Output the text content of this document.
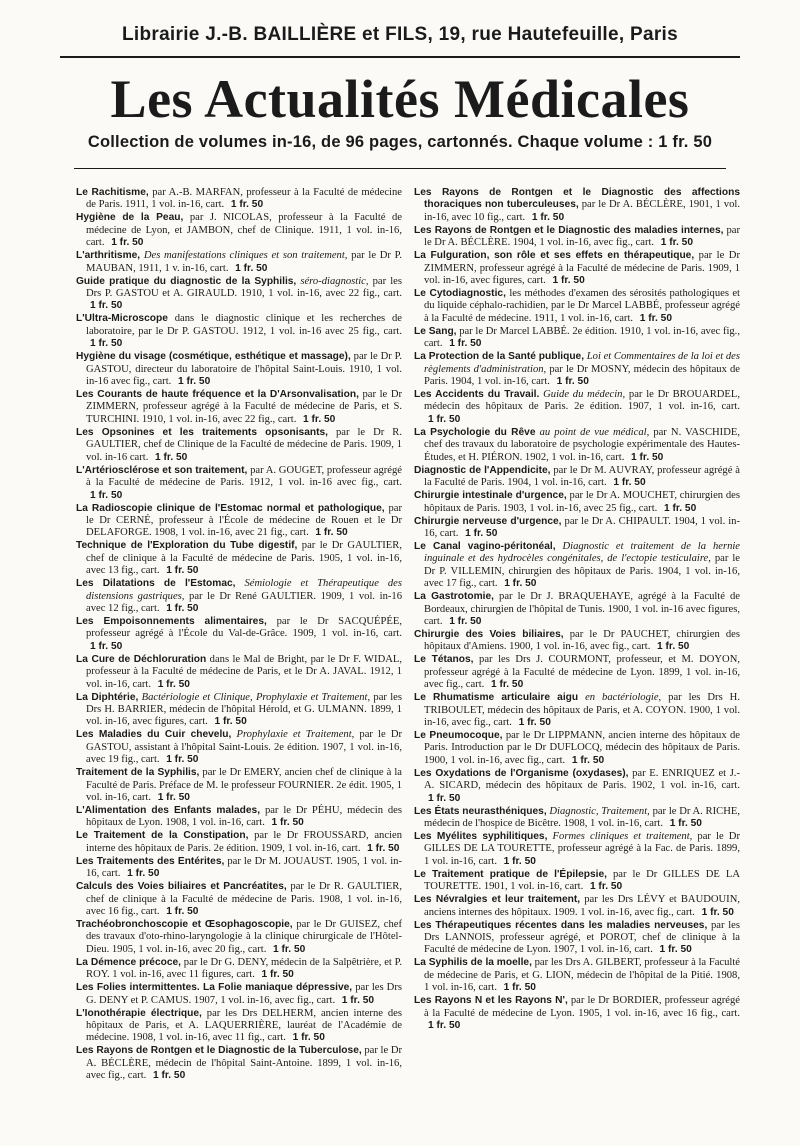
Librairie J.-B. BAILLIÈRE et FILS, 19, rue Hautefeuille, Paris
Les Actualités Médicales
Collection de volumes in-16, de 96 pages, cartonnés. Chaque volume : 1 fr. 50
Le Rachitisme, par A.-B. MARFAN, professeur à la Faculté de médecine de Paris. 1911, 1 vol. in-16, cart. 1 fr. 50
Hygiène de la Peau, par J. NICOLAS, professeur à la Faculté de médecine de Lyon, et JAMBON, chef de Clinique. 1911, 1 vol. in-16, cart. 1 fr. 50
L'arthritisme, Des manifestations cliniques et son traitement, par le Dr P. MAUBAN, 1911, 1 v. in-16, cart. 1 fr. 50
Guide pratique du diagnostic de la Syphilis, séro-diagnostic, par les Drs P. GASTOU et A. GIRAULD. 1910, 1 vol. in-16, avec 22 fig., cart. 1 fr. 50
L'Ultra-Microscope dans le diagnostic clinique et les recherches de laboratoire, par le Dr P. GASTOU. 1912, 1 vol. in-16 avec 25 fig., cart. 1 fr. 50
Hygiène du visage (cosmétique, esthétique et massage), par le Dr P. GASTOU, directeur du laboratoire de l'hôpital Saint-Louis. 1910, 1 vol. in-16 avec fig., cart. 1 fr. 50
Les Courants de haute fréquence et la D'Arsonvalisation, par le Dr ZIMMERN, professeur agrégé à la Faculté de médecine de Paris, et S. TURCHINI. 1910, 1 vol. in-16, avec 22 fig., cart. 1 fr. 50
Les Opsonines et les traitements opsonisants, par le Dr R. GAULTIER, chef de Clinique de la Faculté de médecine de Paris. 1909, 1 vol. in-16 cart. 1 fr. 50
L'Artériosclérose et son traitement, par A. GOUGET, professeur agrégé à la Faculté de médecine de Paris. 1912, 1 vol. in-16 avec fig., cart. 1 fr. 50
La Radioscopie clinique de l'Estomac normal et pathologique, par le Dr CERNÉ, professeur à l'École de médecine de Rouen et le Dr DELAFORGE. 1908, 1 vol. in-16, avec 21 fig., cart. 1 fr. 50
Technique de l'Exploration du Tube digestif, par le Dr GAULTIER, chef de clinique à la Faculté de médecine de Paris. 1905, 1 vol. in-16, avec 13 fig., cart. 1 fr. 50
Les Dilatations de l'Estomac, Sémiologie et Thérapeutique des distensions gastriques, par le Dr René GAULTIER. 1909, 1 vol. in-16 avec 12 fig., cart. 1 fr. 50
Les Empoisonnements alimentaires, par le Dr SACQUÉPÉE, professeur agrégé à l'École du Val-de-Grâce. 1909, 1 vol. in-16, cart. 1 fr. 50
La Cure de Déchloruration dans le Mal de Bright, par le Dr F. WIDAL, professeur à la Faculté de médecine de Paris, et le Dr A. JAVAL. 1912, 1 vol. in-16, cart. 1 fr. 50
La Diphtérie, Bactériologie et Clinique, Prophylaxie et Traitement, par les Drs H. BARRIER, médecin de l'hôpital Hérold, et G. ULMANN. 1899, 1 vol. in-16, avec figures, cart. 1 fr. 50
Les Maladies du Cuir chevelu, Prophylaxie et Traitement, par le Dr GASTOU, assistant à l'hôpital Saint-Louis. 2e édition. 1907, 1 vol. in-16, avec 19 fig., cart. 1 fr. 50
Traitement de la Syphilis, par le Dr EMERY, ancien chef de clinique à la Faculté de Paris. Préface de M. le professeur FOURNIER. 2e édit. 1905, 1 vol. in-16, cart. 1 fr. 50
L'Alimentation des Enfants malades, par le Dr PÉHU, médecin des hôpitaux de Lyon. 1908, 1 vol. in-16, cart. 1 fr. 50
Le Traitement de la Constipation, par le Dr FROUSSARD, ancien interne des hôpitaux de Paris. 2e édition. 1909, 1 vol. in-16, cart. 1 fr. 50
Les Traitements des Entérites, par le Dr M. JOUAUST. 1905, 1 vol. in-16, cart. 1 fr. 50
Calculs des Voies biliaires et Pancréatites, par le Dr R. GAULTIER, chef de clinique à la Faculté de médecine de Paris. 1908, 1 vol. in-16, avec 16 fig., cart. 1 fr. 50
Trachéobronchoscopie et Œsophagoscopie, par le Dr GUISEZ, chef des travaux d'oto-rhino-laryngologie à la clinique chirurgicale de l'Hôtel-Dieu. 1905, 1 vol. in-16, avec 20 fig., cart. 1 fr. 50
La Démence précoce, par le Dr G. DENY, médecin de la Salpêtrière, et P. ROY. 1 vol. in-16, avec 11 figures, cart. 1 fr. 50
Les Folies intermittentes. La Folie maniaque dépressive, par les Drs G. DENY et P. CAMUS. 1907, 1 vol. in-16, avec fig., cart. 1 fr. 50
L'Ionothérapie électrique, par les Drs DELHERM, ancien interne des hôpitaux de Paris, et A. LAQUERRIÈRE, lauréat de l'Académie de médecine. 1908, 1 vol. in-16, avec 11 fig., cart. 1 fr. 50
Les Rayons de Rontgen et le Diagnostic de la Tuberculose, par le Dr A. BÉCLÈRE, médecin de l'hôpital Saint-Antoine. 1899, 1 vol. in-16, avec fig., cart. 1 fr. 50
Les Rayons de Rontgen et le Diagnostic des affections thoraciques non tuberculeuses, par le Dr A. BÉCLÈRE, 1901, 1 vol. in-16, avec 10 fig., cart. 1 fr. 50
Les Rayons de Rontgen et le Diagnostic des maladies internes, par le Dr A. BÉCLÈRE. 1904, 1 vol. in-16, avec fig., cart. 1 fr. 50
La Fulguration, son rôle et ses effets en thérapeutique, par le Dr ZIMMERN, professeur agrégé à la Faculté de médecine de Paris. 1909, 1 vol. in-16, avec figures, cart. 1 fr. 50
Le Cytodiagnostic, les méthodes d'examen des sérosités pathologiques et du liquide céphalo-rachidien, par le Dr Marcel LABBÉ, professeur agrégé à la Faculté de médecine. 1911, 1 vol. in-16, cart. 1 fr. 50
Le Sang, par le Dr Marcel LABBÉ. 2e édition. 1910, 1 vol. in-16, avec fig., cart. 1 fr. 50
La Protection de la Santé publique, Loi et Commentaires de la loi et des règlements d'administration, par le Dr MOSNY, médecin des hôpitaux de Paris. 1904, 1 vol. in-16, cart. 1 fr. 50
Les Accidents du Travail. Guide du médecin, par le Dr BROUARDEL, médecin des hôpitaux de Paris. 2e édition. 1907, 1 vol. in-16, cart. 1 fr. 50
La Psychologie du Rêve au point de vue médical, par N. VASCHIDE, chef des travaux du laboratoire de psychologie expérimentale des Hautes-Études, et H. PIÉRON. 1902, 1 vol. in-16, cart. 1 fr. 50
Diagnostic de l'Appendicite, par le Dr M. AUVRAY, professeur agrégé à la Faculté de Paris. 1904, 1 vol. in-16, cart. 1 fr. 50
Chirurgie intestinale d'urgence, par le Dr A. MOUCHET, chirurgien des hôpitaux de Paris. 1903, 1 vol. in-16, avec 25 fig., cart. 1 fr. 50
Chirurgie nerveuse d'urgence, par le Dr A. CHIPAULT. 1904, 1 vol. in-16, cart. 1 fr. 50
Le Canal vagino-péritonéal, Diagnostic et traitement de la hernie inguinale et des hydrocèles congénitales, de l'ectopie testiculaire, par le Dr P. VILLEMIN, chirurgien des hôpitaux de Paris. 1904, 1 vol. in-16, avec 17 fig., cart. 1 fr. 50
La Gastrotomie, par le Dr J. BRAQUEHAYE, agrégé à la Faculté de Bordeaux, chirurgien de l'hôpital de Tunis. 1900, 1 vol. in-16 avec figures, cart. 1 fr. 50
Chirurgie des Voies biliaires, par le Dr PAUCHET, chirurgien des hôpitaux d'Amiens. 1900, 1 vol. in-16, avec fig., cart. 1 fr. 50
Le Tétanos, par les Drs J. COURMONT, professeur, et M. DOYON, professeur agrégé à la Faculté de médecine de Lyon. 1899, 1 vol. in-16, avec fig., cart. 1 fr. 50
Le Rhumatisme articulaire aigu en bactériologie, par les Drs H. TRIBOULET, médecin des hôpitaux de Paris, et A. COYON. 1900, 1 vol. in-16, avec fig., cart. 1 fr. 50
Le Pneumocoque, par le Dr LIPPMANN, ancien interne des hôpitaux de Paris. Introduction par le Dr DUFLOCQ, médecin des hôpitaux de Paris. 1900, 1 vol. in-16, avec fig., cart. 1 fr. 50
Les Oxydations de l'Organisme (oxydases), par E. ENRIQUEZ et J.-A. SICARD, médecin des hôpitaux de Paris. 1902, 1 vol. in-16, cart. 1 fr. 50
Les États neurasthéniques, Diagnostic, Traitement, par le Dr A. RICHE, médecin de l'hospice de Bicêtre. 1908, 1 vol. in-16, cart. 1 fr. 50
Les Myélites syphilitiques, Formes cliniques et traitement, par le Dr GILLES DE LA TOURETTE, professeur agrégé à la Fac. de Paris. 1899, 1 vol. in-16, cart. 1 fr. 50
Le Traitement pratique de l'Épilepsie, par le Dr GILLES DE LA TOURETTE. 1901, 1 vol. in-16, cart. 1 fr. 50
Les Névralgies et leur traitement, par les Drs LÉVY et BAUDOUIN, anciens internes des hôpitaux. 1909. 1 vol. in-16, avec fig., cart. 1 fr. 50
Les Thérapeutiques récentes dans les maladies nerveuses, par les Drs LANNOIS, professeur agrégé, et POROT, chef de clinique à la Faculté de médecine de Lyon. 1907, 1 vol. in-16, cart. 1 fr. 50
La Syphilis de la moelle, par les Drs A. GILBERT, professeur à la Faculté de médecine de Paris, et G. LION, médecin de l'hôpital de la Pitié. 1908, 1 vol. in-16, cart. 1 fr. 50
Les Rayons N et les Rayons N', par le Dr BORDIER, professeur agrégé à la Faculté de médecine de Lyon. 1905, 1 vol. in-16, avec 16 fig., cart. 1 fr. 50
